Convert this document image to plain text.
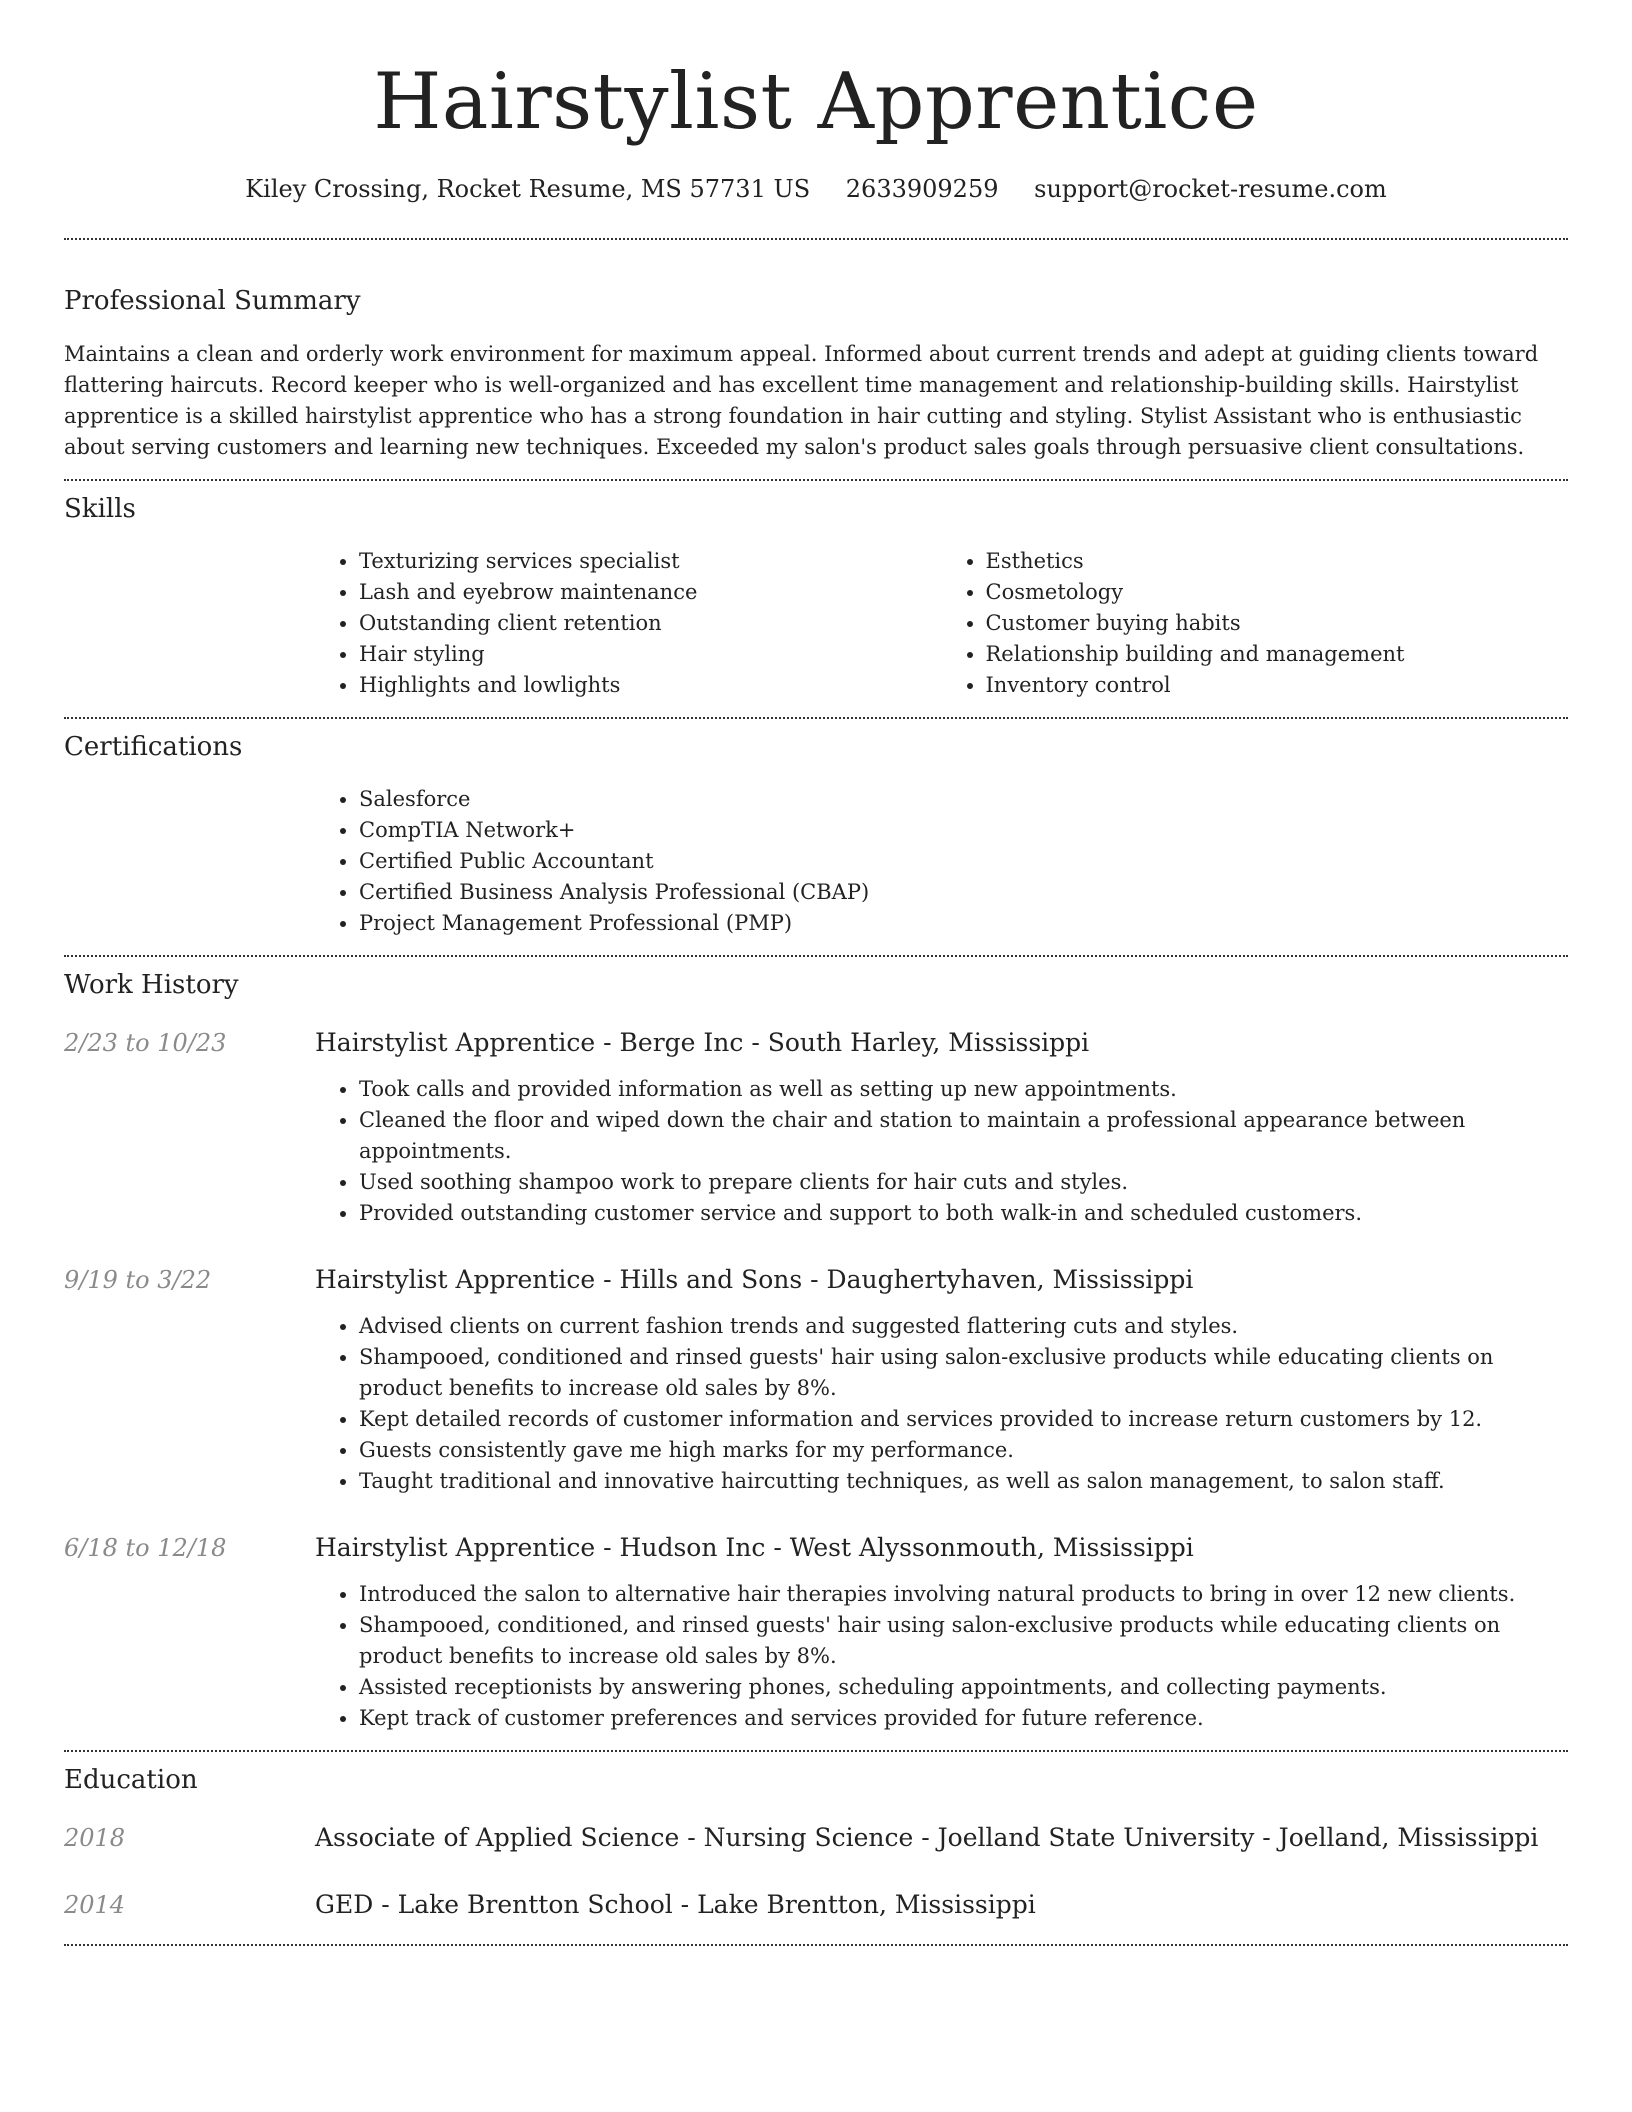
Hairstylist Apprentice
Kiley Crossing, Rocket Resume, MS 57731 US 2633909259 support@rocket-resume.com
Professional Summary

Maintains a clean and orderly work environment for maximum appeal. Informed about current trends and adept at guiding clients toward flattering haircuts. Record keeper who is well-organized and has excellent time management and relationship-building skills. Hairstylist apprentice is a skilled hairstylist apprentice who has a strong foundation in hair cutting and styling. Stylist Assistant who is enthusiastic about serving customers and learning new techniques. Exceeded my salon's product sales goals through persuasive client consultations.

Skills
• Texturizing services specialist
• Lash and eyebrow maintenance
• Outstanding client retention
• Hair styling
• Highlights and lowlights
• Esthetics
• Cosmetology
• Customer buying habits
• Relationship building and management
• Inventory control
Certifications
• Salesforce
• CompTIA Network+
• Certified Public Accountant
• Certified Business Analysis Professional (CBAP)
• Project Management Professional (PMP)
Work History
2/23 to 10/23	Hairstylist Apprentice - Berge Inc - South Harley, Mississippi
• Took calls and provided information as well as setting up new appointments.
• Cleaned the floor and wiped down the chair and station to maintain a professional appearance between appointments.
• Used soothing shampoo work to prepare clients for hair cuts and styles.
• Provided outstanding customer service and support to both walk-in and scheduled customers.
9/19 to 3/22	Hairstylist Apprentice - Hills and Sons - Daughertyhaven, Mississippi
• Advised clients on current fashion trends and suggested flattering cuts and styles.
• Shampooed, conditioned and rinsed guests' hair using salon-exclusive products while educating clients on product benefits to increase old sales by 8%.
• Kept detailed records of customer information and services provided to increase return customers by 12.
• Guests consistently gave me high marks for my performance.
• Taught traditional and innovative haircutting techniques, as well as salon management, to salon staff.
6/18 to 12/18	Hairstylist Apprentice - Hudson Inc - West Alyssonmouth, Mississippi
• Introduced the salon to alternative hair therapies involving natural products to bring in over 12 new clients.
• Shampooed, conditioned, and rinsed guests' hair using salon-exclusive products while educating clients on product benefits to increase old sales by 8%.
• Assisted receptionists by answering phones, scheduling appointments, and collecting payments.
• Kept track of customer preferences and services provided for future reference.
Education
2018	Associate of Applied Science - Nursing Science - Joelland State University - Joelland, Mississippi
2014	GED - Lake Brentton School - Lake Brentton, Mississippi
